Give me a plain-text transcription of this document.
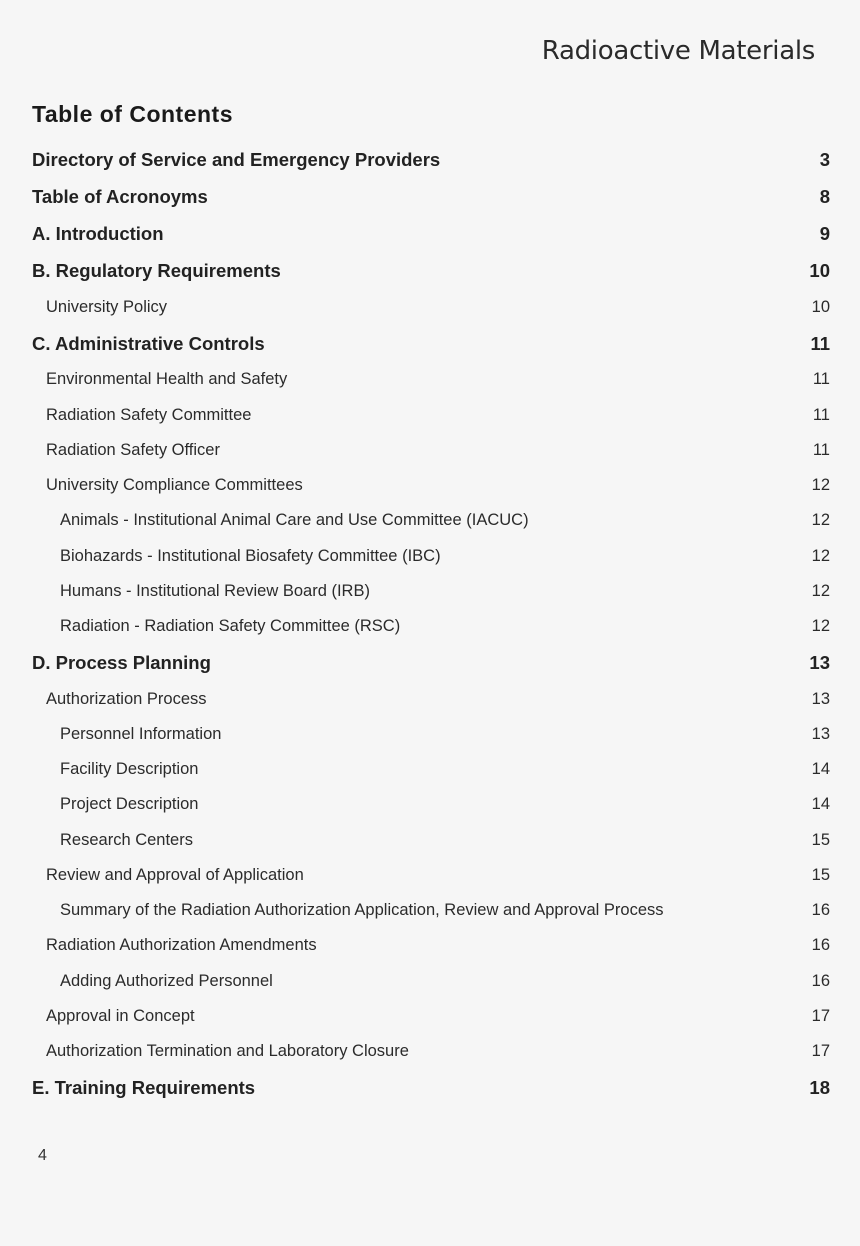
Radioactive Materials
Table of Contents
Directory of Service and Emergency Providers	3
Table of Acronoyms	8
A. Introduction	9
B. Regulatory Requirements	10
University Policy	10
C. Administrative Controls	11
Environmental Health and Safety	11
Radiation Safety Committee	11
Radiation Safety Officer	11
University Compliance Committees	12
Animals - Institutional Animal Care and Use Committee (IACUC)	12
Biohazards - Institutional Biosafety Committee (IBC)	12
Humans - Institutional Review Board (IRB)	12
Radiation - Radiation Safety Committee (RSC)	12
D. Process Planning	13
Authorization Process	13
Personnel Information	13
Facility Description	14
Project Description	14
Research Centers	15
Review and Approval of Application	15
Summary of the Radiation Authorization Application, Review and Approval Process	16
Radiation Authorization Amendments	16
Adding Authorized Personnel	16
Approval in Concept	17
Authorization Termination and Laboratory Closure	17
E. Training Requirements	18
4
